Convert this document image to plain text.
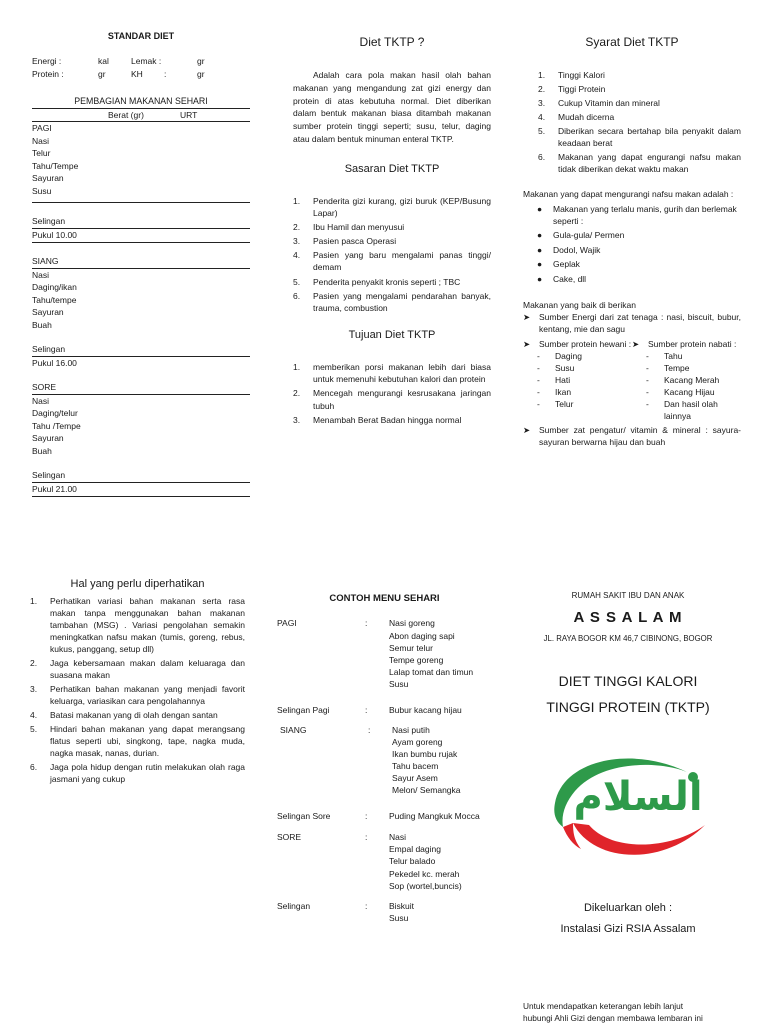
STANDAR DIET
Energi :	kal	Lemak :	gr
Protein :	gr	KH	:	gr
PEMBAGIAN MAKANAN SEHARI
Berat (gr)	URT
PAGI
Nasi
Telur
Tahu/Tempe
Sayuran
Susu
Selingan
Pukul 10.00
SIANG
Nasi
Daging/ikan
Tahu/tempe
Sayuran
Buah
Selingan
Pukul 16.00
SORE
Nasi
Daging/telur
Tahu /Tempe
Sayuran
Buah
Selingan
Pukul 21.00
Diet TKTP ?
Adalah cara pola makan hasil olah bahan makanan yang mengandung zat gizi energy dan protein di atas kebutuha normal. Diet diberikan dalam bentuk makanan biasa ditambah makanan sumber protein tinggi seperti; susu, telur, daging atau dalam bentuk minuman enteral TKTP.
Sasaran Diet TKTP
1.	Penderita gizi kurang, gizi buruk (KEP/Busung Lapar)
2.	Ibu Hamil dan menyusui
3.	Pasien pasca Operasi
4.	Pasien yang baru mengalami panas tinggi/ demam
5.	Penderita penyakit kronis seperti ; TBC
6.	Pasien yang mengalami pendarahan banyak, trauma, combustion
Tujuan Diet TKTP
1.	memberikan porsi makanan lebih dari biasa untuk memenuhi kebutuhan kalori dan protein
2.	Mencegah mengurangi kesrusakana jaringan tubuh
3.	Menambah Berat Badan hingga normal
Syarat Diet TKTP
1.	Tinggi Kalori
2.	Tiggi Protein
3.	Cukup Vitamin dan mineral
4.	Mudah dicerna
5.	Diberikan secara bertahap bila penyakit dalam keadaan berat
6.	Makanan yang dapat engurangi nafsu makan tidak diberikan dekat waktu makan
Makanan yang dapat mengurangi nafsu makan adalah :
●	Makanan yang terlalu manis, gurih dan berlemak seperti :
●	Gula-gula/ Permen
●	Dodol, Wajik
●	Geplak
●	Cake, dll
Makanan yang baik di berikan
➤	Sumber Energi dari zat tenaga : nasi, biscuit, bubur, kentang, mie dan sagu
➤	Sumber protein hewani :
-	Daging
-	Susu
-	Hati
-	Ikan
-	Telur
➤	Sumber protein nabati :
-	Tahu
-	Tempe
-	Kacang Merah
-	Kacang Hijau
-	Dan hasil olah lainnya
➤	Sumber zat pengatur/ vitamin & mineral : sayura-sayuran berwarna hijau dan buah
Hal yang perlu diperhatikan
1.	Perhatikan variasi bahan makanan serta rasa makan tanpa menggunakan bahan makanan tambahan (MSG) . Variasi pengolahan semakin meningkatkan nafsu makan (tumis, goreng, rebus, kukus, panggang, setup dll)
2.	Jaga kebersamaan makan dalam keluaraga dan suasana makan
3.	Perhatikan bahan makanan yang menjadi favorit keluarga, variasikan cara pengolahannya
4.	Batasi makanan yang di olah dengan santan
5.	Hindari bahan makanan yang dapat merangsang flatus seperti ubi, singkong, tape, nagka muda, nagka masak, nanas, durian.
6.	Jaga pola hidup dengan rutin melakukan olah raga jasmani yang cukup
CONTOH MENU SEHARI
PAGI	:	Nasi goreng
Abon daging sapi
Semur telur
Tempe goreng
Lalap tomat dan timun
Susu
Selingan Pagi	:	Bubur kacang hijau
SIANG	:	Nasi putih
Ayam goreng
Ikan bumbu rujak
Tahu bacem
Sayur Asem
Melon/ Semangka
Selingan Sore	:	Puding Mangkuk Mocca
SORE	:	Nasi
Empal daging
Telur balado
Pekedel kc. merah
Sop (wortel,buncis)
Selingan	:	Biskuit
Susu
RUMAH SAKIT IBU DAN ANAK
A S S A L A M
JL. RAYA BOGOR KM 46,7 CIBINONG, BOGOR
DIET TINGGI KALORI
TINGGI PROTEIN (TKTP)
السلام
Dikeluarkan oleh :
Instalasi Gizi RSIA Assalam
Untuk mendapatkan keterangan lebih lanjut
hubungi Ahli Gizi dengan membawa lembaran ini
